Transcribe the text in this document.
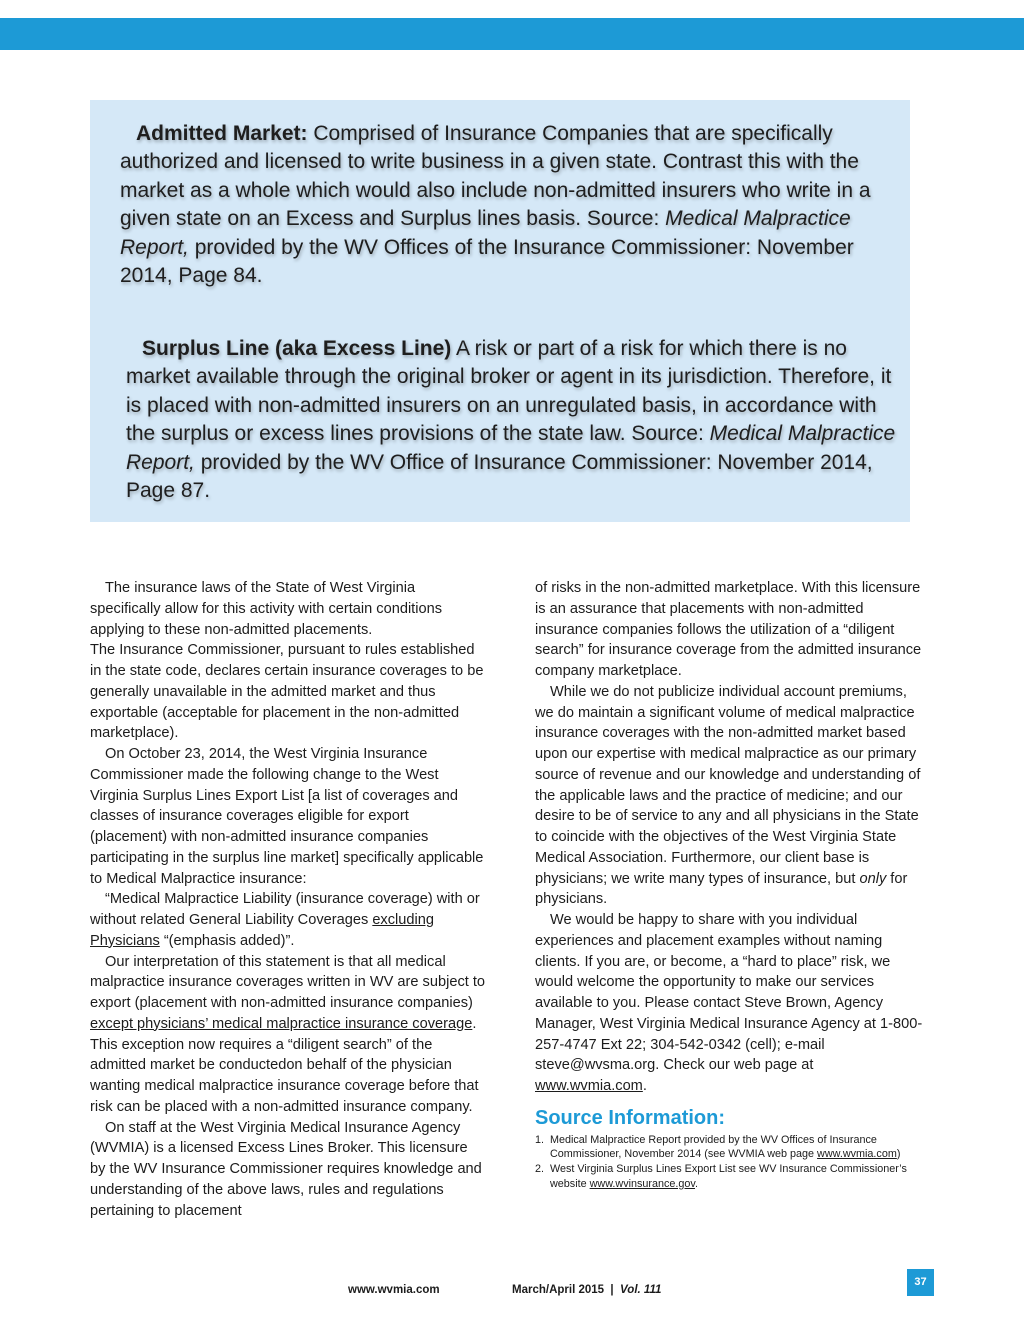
Admitted Market: Comprised of Insurance Companies that are specifically authorized and licensed to write business in a given state. Contrast this with the market as a whole which would also include non-admitted insurers who write in a given state on an Excess and Surplus lines basis. Source: Medical Malpractice Report, provided by the WV Offices of the Insurance Commissioner: November 2014, Page 84.
Surplus Line (aka Excess Line) A risk or part of a risk for which there is no market available through the original broker or agent in its jurisdiction. Therefore, it is placed with non-admitted insurers on an unregulated basis, in accordance with the surplus or excess lines provisions of the state law. Source: Medical Malpractice Report, provided by the WV Office of Insurance Commissioner: November 2014, Page 87.

The insurance laws of the State of West Virginia specifically allow for this activity with certain conditions applying to these non-admitted placements.

The Insurance Commissioner, pursuant to rules established in the state code, declares certain insurance coverages to be generally unavailable in the admitted market and thus exportable (acceptable for placement in the non-admitted marketplace).

On October 23, 2014, the West Virginia Insurance Commissioner made the following change to the West Virginia Surplus Lines Export List [a list of coverages and classes of insurance coverages eligible for export (placement) with non-admitted insurance companies participating in the surplus line market] specifically applicable to Medical Malpractice insurance:

“Medical Malpractice Liability (insurance coverage) with or without related General Liability Coverages excluding Physicians “(emphasis added)”.

Our interpretation of this statement is that all medical malpractice insurance coverages written in WV are subject to export (placement with non-admitted insurance companies) except physicians’ medical malpractice insurance coverage. This exception now requires a “diligent search” of the admitted market be conductedon behalf of the physician wanting medical malpractice insurance coverage before that risk can be placed with a non-admitted insurance company.

On staff at the West Virginia Medical Insurance Agency (WVMIA) is a licensed Excess Lines Broker. This licensure by the WV Insurance Commissioner requires knowledge and understanding of the above laws, rules and regulations pertaining to placement

of risks in the non-admitted marketplace. With this licensure is an assurance that placements with non-admitted insurance companies follows the utilization of a “diligent search” for insurance coverage from the admitted insurance company marketplace.

While we do not publicize individual account premiums, we do maintain a significant volume of medical malpractice insurance coverages with the non-admitted market based upon our expertise with medical malpractice as our primary source of revenue and our knowledge and understanding of the applicable laws and the practice of medicine; and our desire to be of service to any and all physicians in the State to coincide with the objectives of the West Virginia State Medical Association. Furthermore, our client base is physicians; we write many types of insurance, but only for physicians.

We would be happy to share with you individual experiences and placement examples without naming clients. If you are, or become, a “hard to place” risk, we would welcome the opportunity to make our services available to you. Please contact Steve Brown, Agency Manager, West Virginia Medical Insurance Agency at 1-800-257-4747 Ext 22; 304-542-0342 (cell); e-mail steve@wvsma.org. Check our web page at www.wvmia.com.

Source Information:
1. Medical Malpractice Report provided by the WV Offices of Insurance Commissioner, November 2014 (see WVMIA web page www.wvmia.com)
2. West Virginia Surplus Lines Export List see WV Insurance Commissioner’s website www.wvinsurance.gov.
www.wvmia.com	March/April 2015  |  Vol. 111
37
